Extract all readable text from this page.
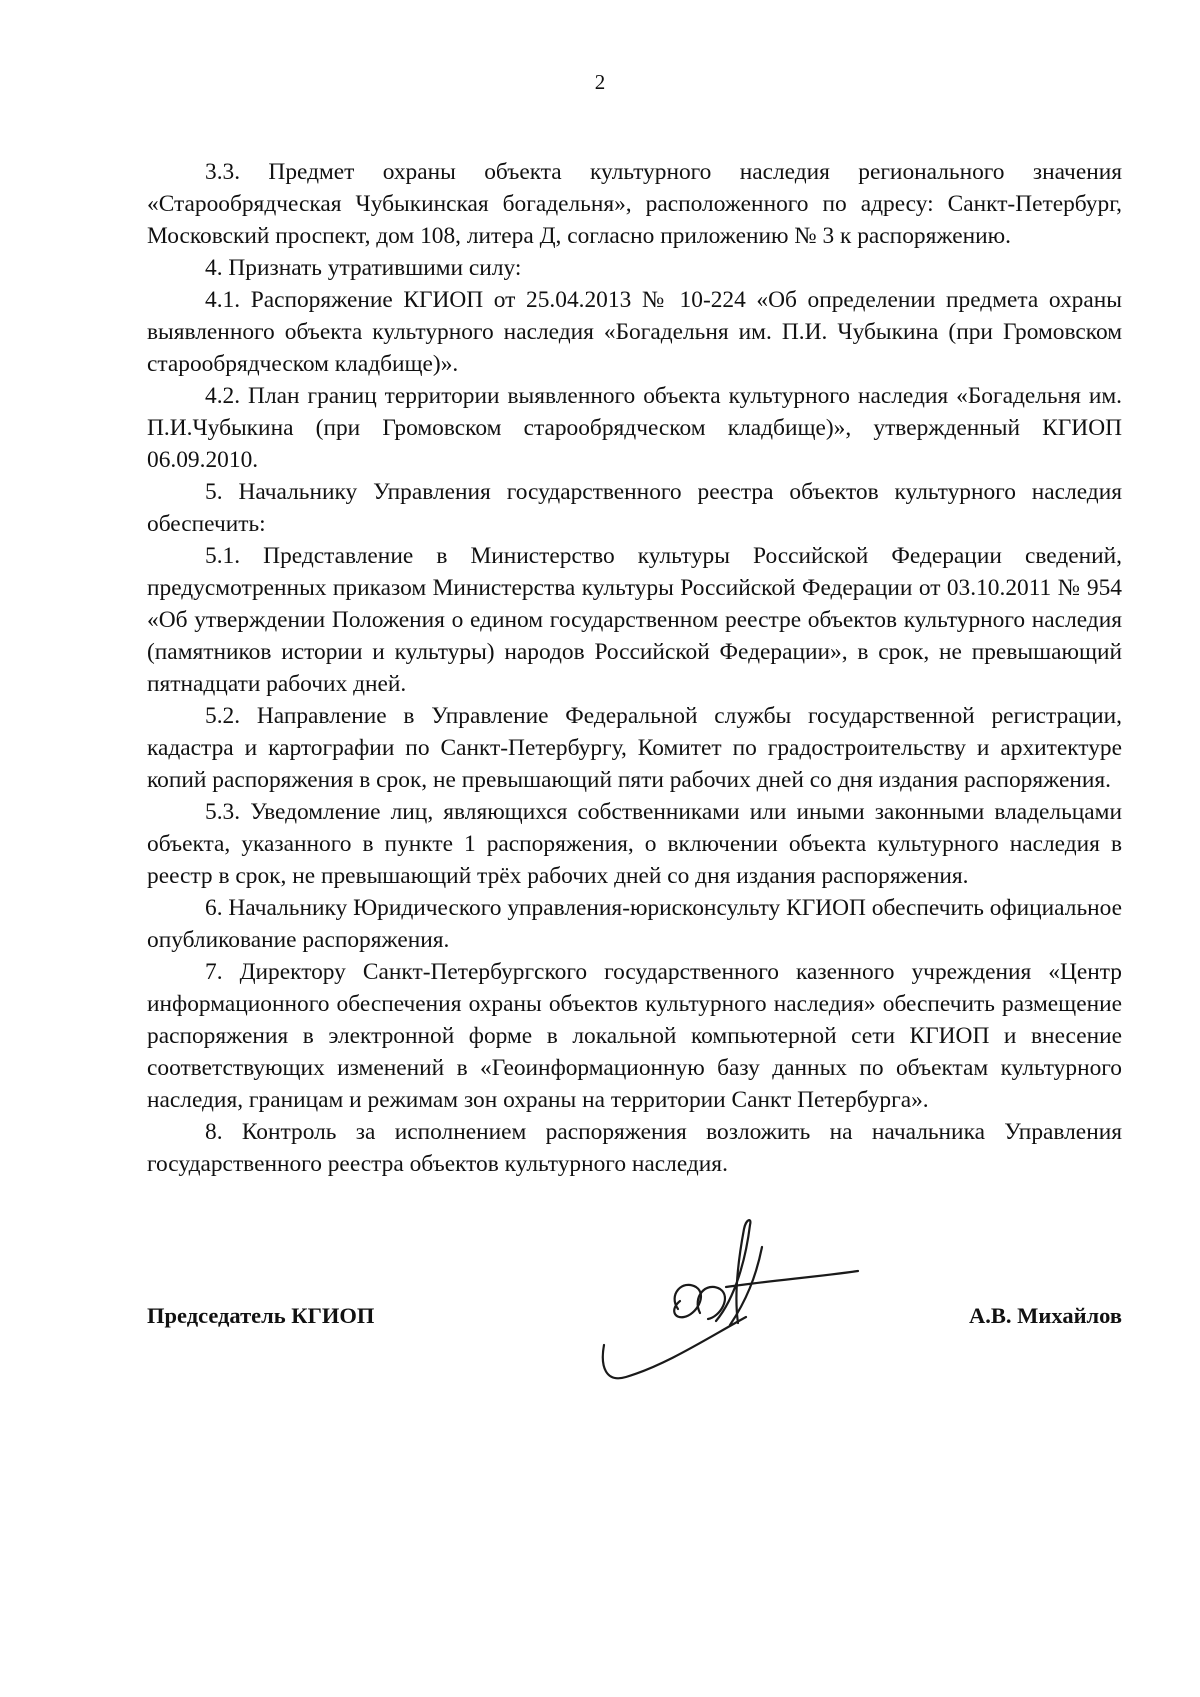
2

3.3. Предмет охраны объекта культурного наследия регионального значения «Старообрядческая Чубыкинская богадельня», расположенного по адресу: Санкт-Петербург, Московский проспект, дом 108, литера Д, согласно приложению № 3 к распоряжению.

4. Признать утратившими силу:

4.1. Распоряжение КГИОП от 25.04.2013 № 10-224 «Об определении предмета охраны выявленного объекта культурного наследия «Богадельня им. П.И. Чубыкина (при Громовском старообрядческом кладбище)».

4.2. План границ территории выявленного объекта культурного наследия «Богадельня им. П.И.Чубыкина (при Громовском старообрядческом кладбище)», утвержденный КГИОП 06.09.2010.

5. Начальнику Управления государственного реестра объектов культурного наследия обеспечить:

5.1. Представление в Министерство культуры Российской Федерации сведений, предусмотренных приказом Министерства культуры Российской Федерации от 03.10.2011 № 954 «Об утверждении Положения о едином государственном реестре объектов культурного наследия (памятников истории и культуры) народов Российской Федерации», в срок, не превышающий пятнадцати рабочих дней.

5.2. Направление в Управление Федеральной службы государственной регистрации, кадастра и картографии по Санкт-Петербургу, Комитет по градостроительству и архитектуре копий распоряжения в срок, не превышающий пяти рабочих дней со дня издания распоряжения.

5.3. Уведомление лиц, являющихся собственниками или иными законными владельцами объекта, указанного в пункте 1 распоряжения, о включении объекта культурного наследия в реестр в срок, не превышающий трёх рабочих дней со дня издания распоряжения.

6. Начальнику Юридического управления-юрисконсульту КГИОП обеспечить официальное опубликование распоряжения.

7. Директору Санкт-Петербургского государственного казенного учреждения «Центр информационного обеспечения охраны объектов культурного наследия» обеспечить размещение распоряжения в электронной форме в локальной компьютерной сети КГИОП и внесение соответствующих изменений в «Геоинформационную базу данных по объектам культурного наследия, границам и режимам зон охраны на территории Санкт Петербурга».

8. Контроль за исполнением распоряжения возложить на начальника Управления государственного реестра объектов культурного наследия.

Председатель КГИОП	А.В. Михайлов
